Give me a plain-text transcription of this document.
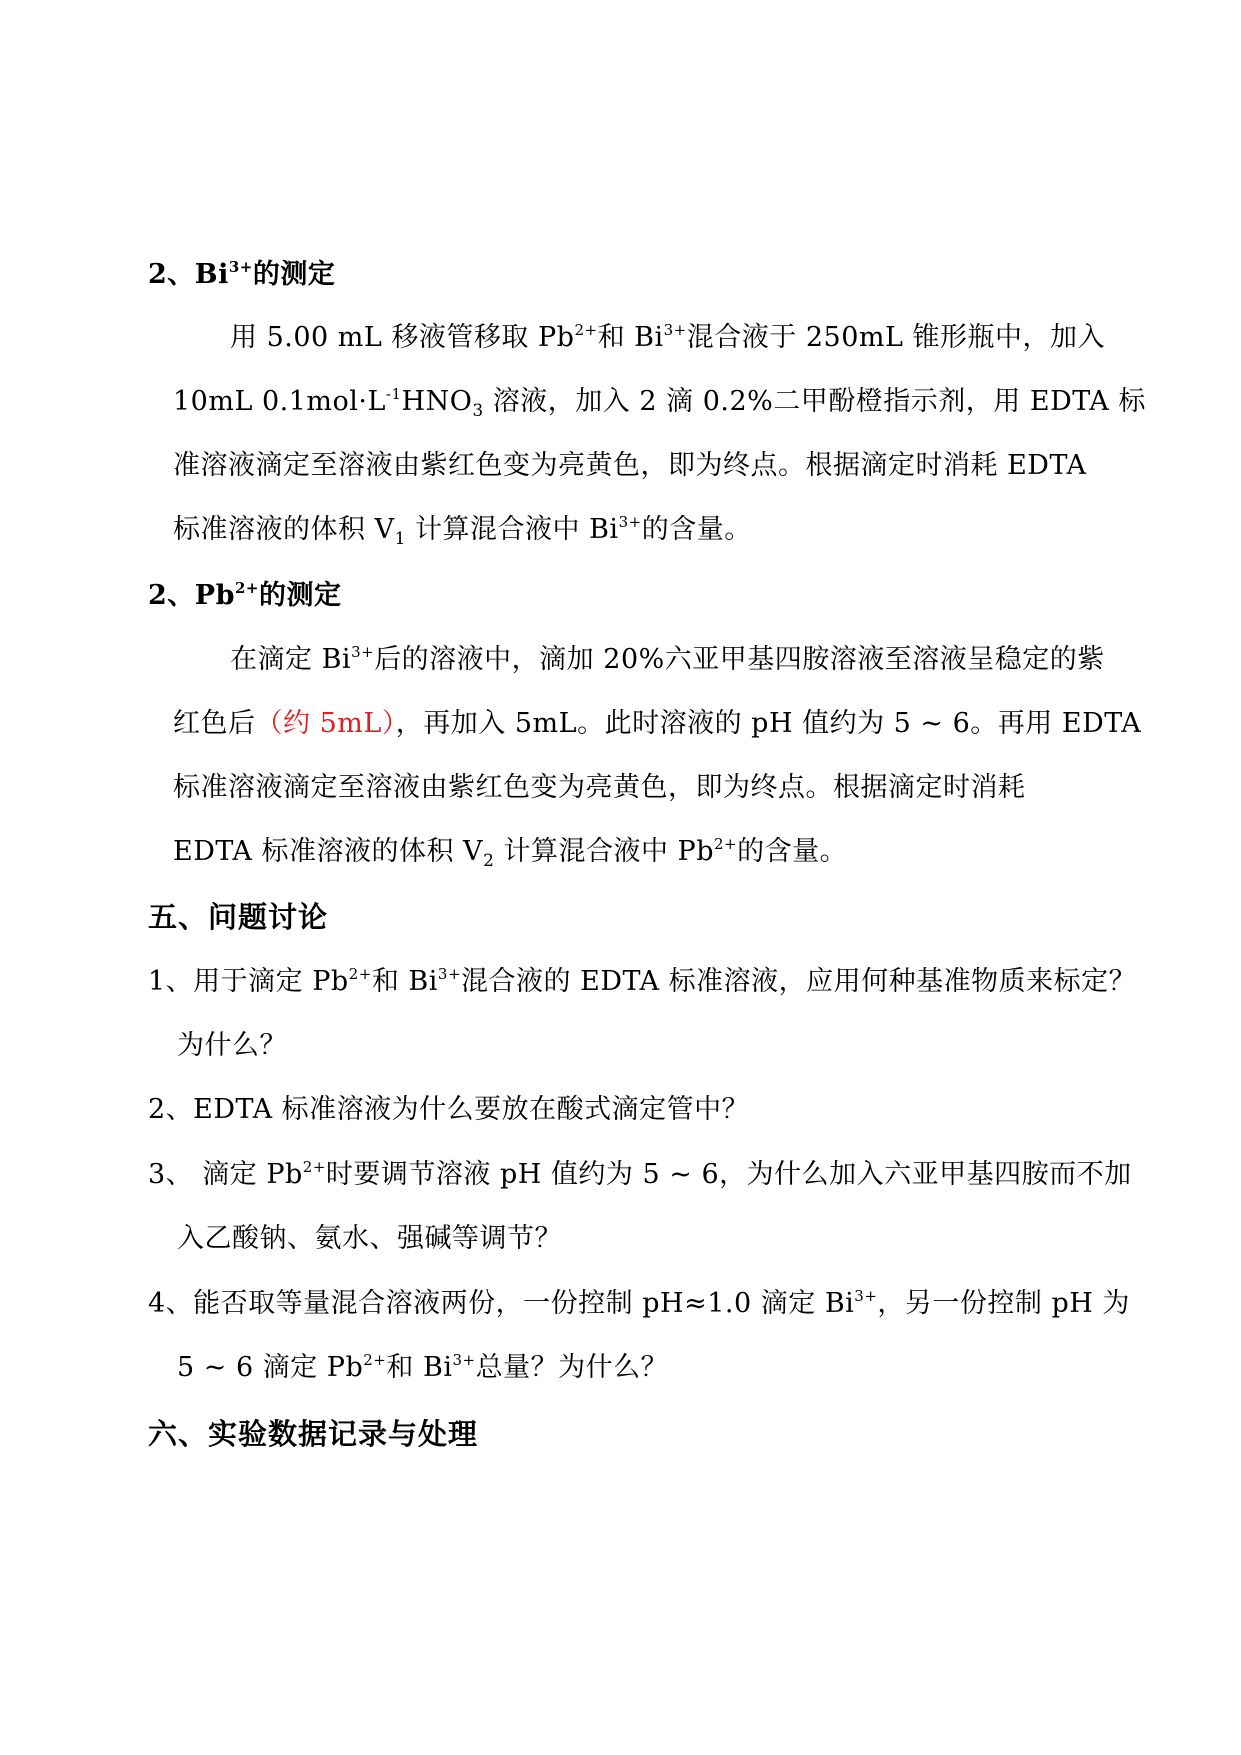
2、$Bi^{3+}$的测定
用 5.00 mL 移液管移取 $Pb^{2+}$和 $Bi^{3+}$混合液于 250mL 锥形瓶中，加入
10mL $0.1mol\cdot L^{-1}HNO_3$ 溶液，加入 2 滴 0.2%二甲酚橙指示剂，用 EDTA 标
准溶液滴定至溶液由紫红色变为亮黄色，即为终点。根据滴定时消耗 EDTA
标准溶液的体积 $V_1$ 计算混合液中 $Bi^{3+}$的含量。
2、$Pb^{2+}$的测定
在滴定 $Bi^{3+}$后的溶液中，滴加 20%六亚甲基四胺溶液至溶液呈稳定的紫
红色后（约 5mL），再加入 5mL。此时溶液的 pH 值约为 5 ~ 6。再用 EDTA
标准溶液滴定至溶液由紫红色变为亮黄色，即为终点。根据滴定时消耗
EDTA 标准溶液的体积 $V_2$ 计算混合液中 $Pb^{2+}$的含量。
五、问题讨论
1、用于滴定 $Pb^{2+}$和 $Bi^{3+}$混合液的 EDTA 标准溶液，应用何种基准物质来标定？
为什么？
2、EDTA 标准溶液为什么要放在酸式滴定管中？
3、 滴定 $Pb^{2+}$时要调节溶液 pH 值约为 5 ~ 6，为什么加入六亚甲基四胺而不加
入乙酸钠、氨水、强碱等调节？
4、能否取等量混合溶液两份，一份控制 pH≈1.0 滴定 $Bi^{3+}$，另一份控制 pH 为
5 ~ 6 滴定 $Pb^{2+}$和 $Bi^{3+}$总量？为什么？
六、实验数据记录与处理
